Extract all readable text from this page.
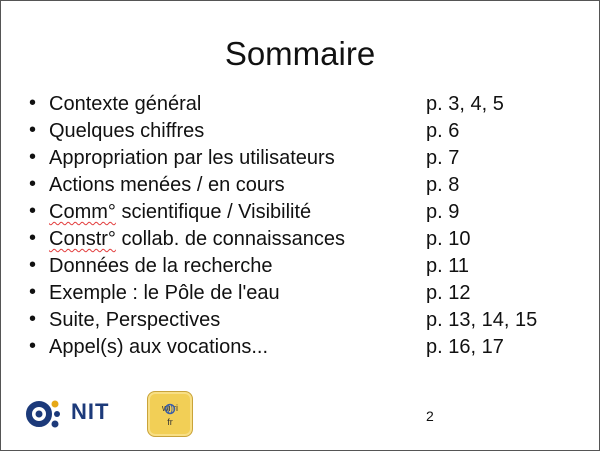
Sommaire
• Contexte général	p. 3, 4, 5
• Quelques chiffres	p. 6
• Appropriation par les utilisateurs	p. 7
• Actions menées / en cours	p. 8
• Comm° scientifique / Visibilité	p. 9
• Constr° collab. de connaissances	p. 10
• Données de la recherche	p. 11
• Exemple : le Pôle de l'eau	p. 12
• Suite, Perspectives	p. 13, 14, 15
• Appel(s) aux vocations...	p. 16, 17
NIT	wi ri
fr	2
